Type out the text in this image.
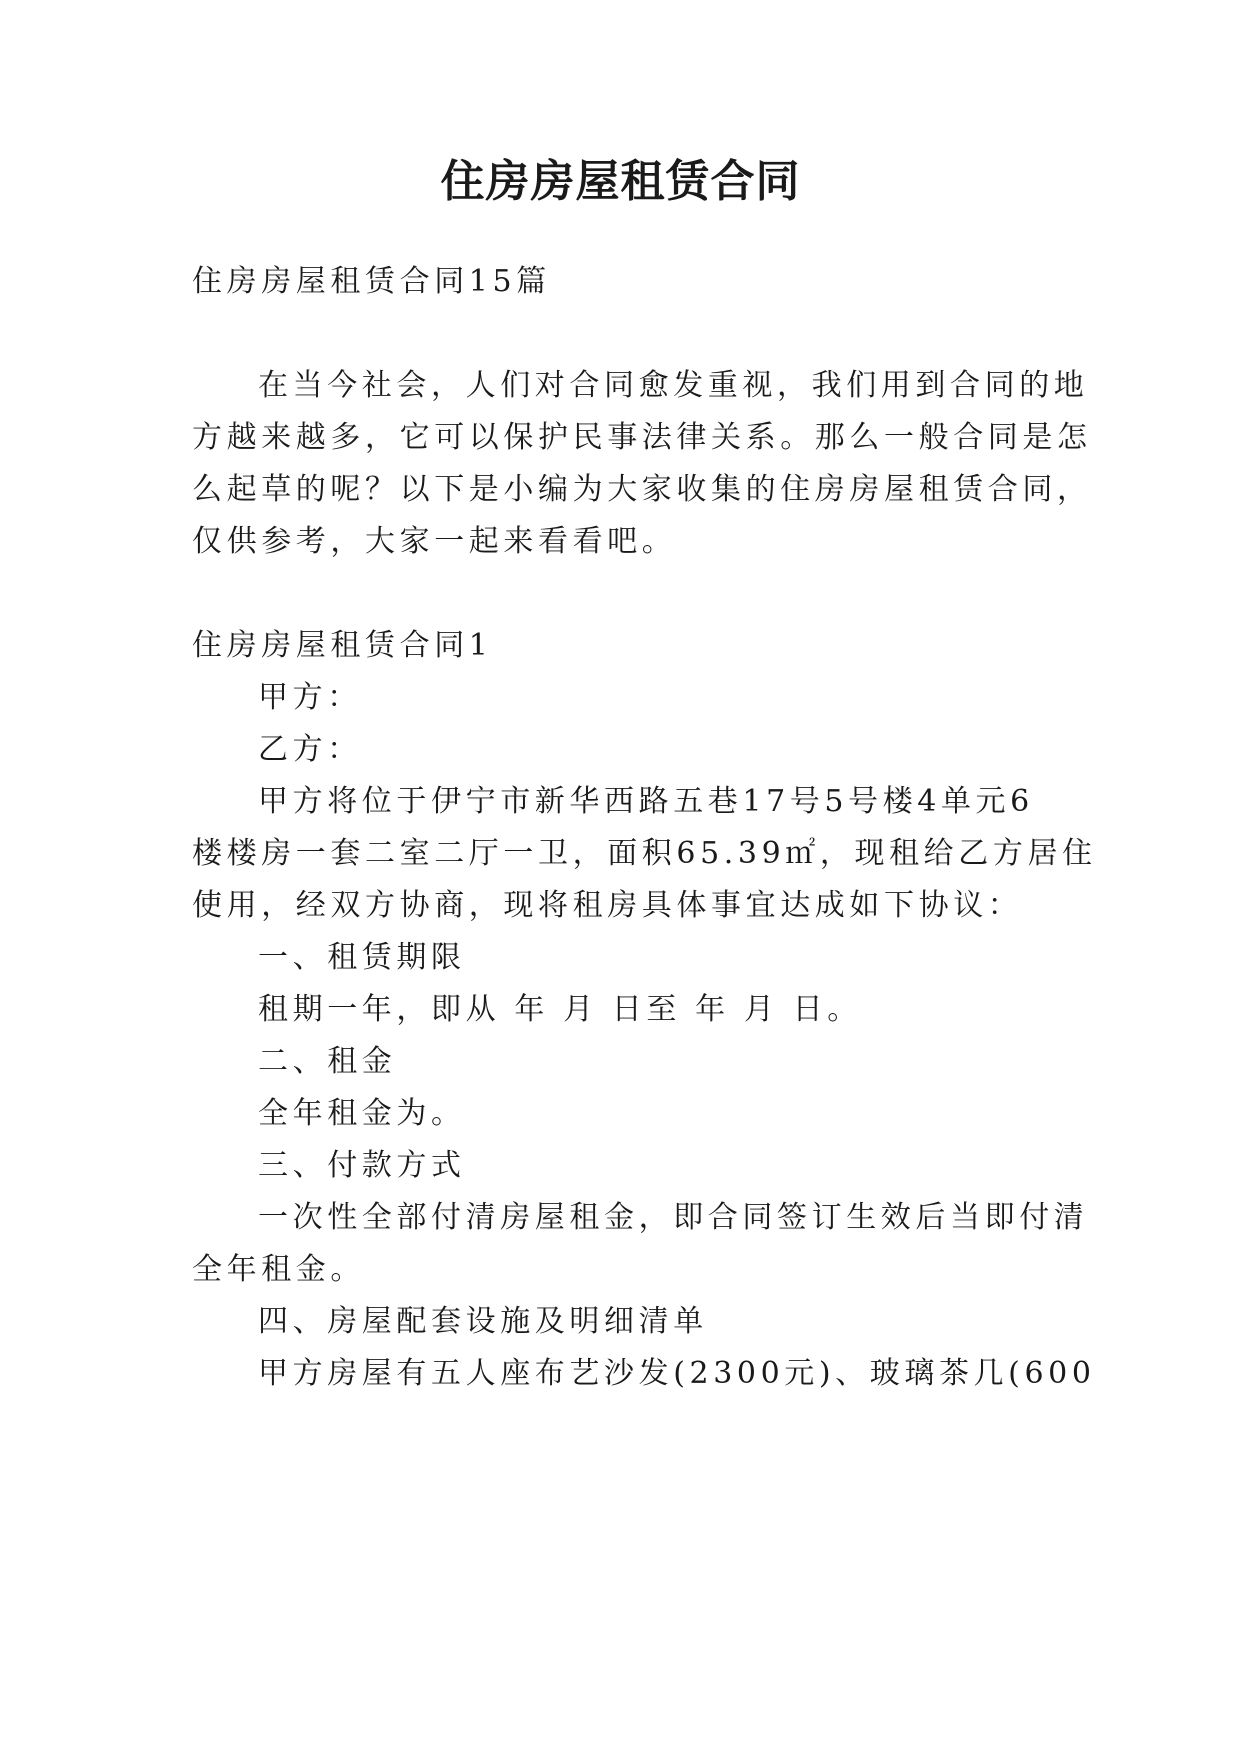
住房房屋租赁合同
住房房屋租赁合同15篇
在当今社会，人们对合同愈发重视，我们用到合同的地
方越来越多，它可以保护民事法律关系。那么一般合同是怎
么起草的呢？以下是小编为大家收集的住房房屋租赁合同，
仅供参考，大家一起来看看吧。
住房房屋租赁合同1
甲方：
乙方：
甲方将位于伊宁市新华西路五巷17号5号楼4单元6
楼楼房一套二室二厅一卫，面积65.39㎡，现租给乙方居住
使用，经双方协商，现将租房具体事宜达成如下协议：
一、租赁期限
租期一年，即从 年 月 日至 年 月 日。
二、租金
全年租金为。
三、付款方式
一次性全部付清房屋租金，即合同签订生效后当即付清
全年租金。
四、房屋配套设施及明细清单
甲方房屋有五人座布艺沙发(2300元)、玻璃茶几(600
